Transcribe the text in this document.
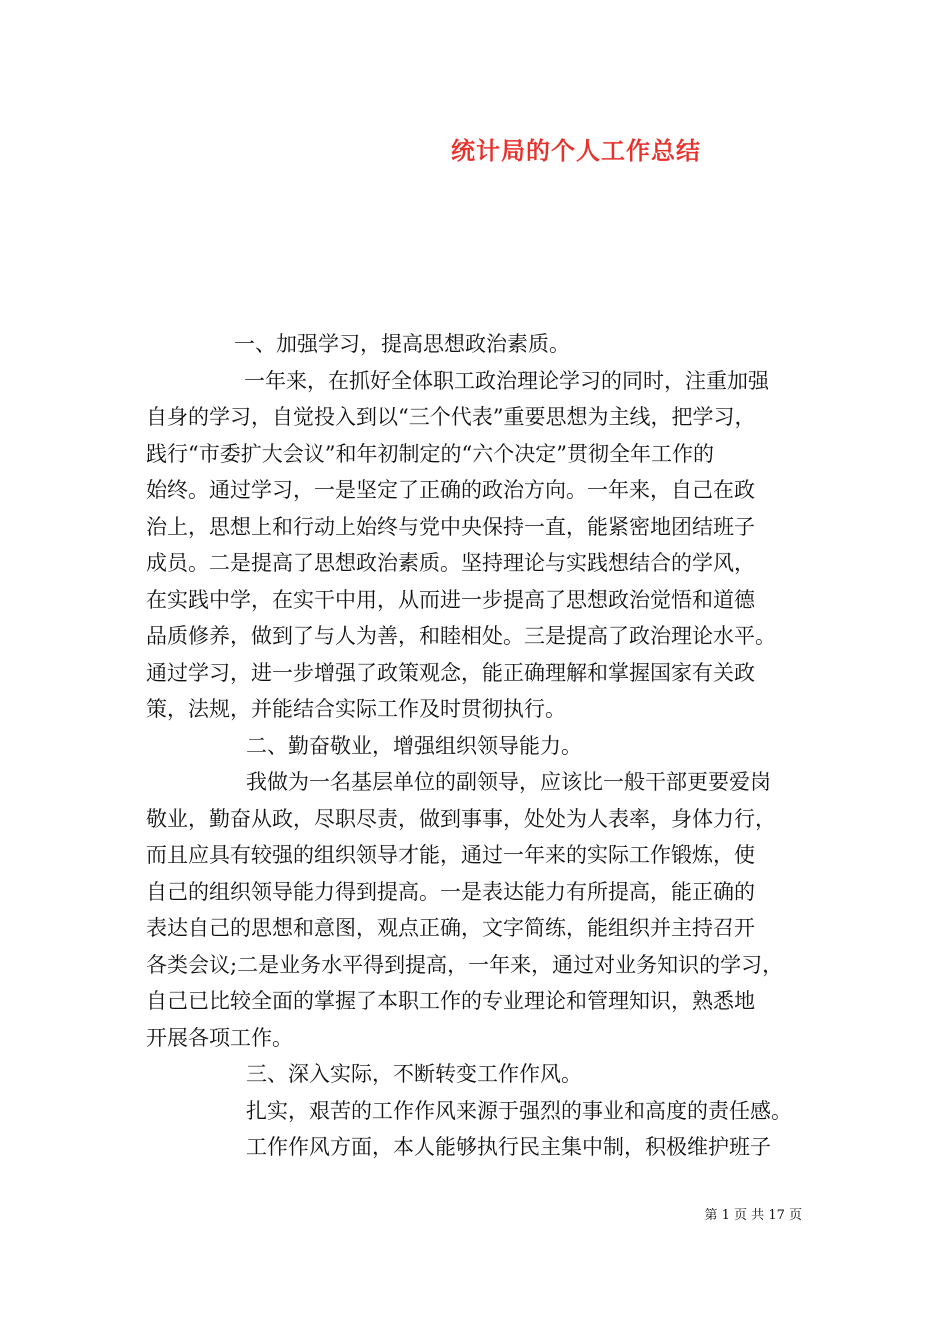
统计局的个人工作总结
一、加强学习，提高思想政治素质。
一年来，在抓好全体职工政治理论学习的同时，注重加强
自身的学习，自觉投入到以“三个代表”重要思想为主线，把学习，
践行“市委扩大会议”和年初制定的“六个决定”贯彻全年工作的
始终。通过学习，一是坚定了正确的政治方向。一年来，自己在政
治上，思想上和行动上始终与党中央保持一直，能紧密地团结班子
成员。二是提高了思想政治素质。坚持理论与实践想结合的学风，
在实践中学，在实干中用，从而进一步提高了思想政治觉悟和道德
品质修养，做到了与人为善，和睦相处。三是提高了政治理论水平。
通过学习，进一步增强了政策观念，能正确理解和掌握国家有关政
策，法规，并能结合实际工作及时贯彻执行。
二、勤奋敬业，增强组织领导能力。
我做为一名基层单位的副领导，应该比一般干部更要爱岗
敬业，勤奋从政，尽职尽责，做到事事，处处为人表率，身体力行，
而且应具有较强的组织领导才能，通过一年来的实际工作锻炼，使
自己的组织领导能力得到提高。一是表达能力有所提高，能正确的
表达自己的思想和意图，观点正确，文字简练，能组织并主持召开
各类会议;二是业务水平得到提高，一年来，通过对业务知识的学习，
自己已比较全面的掌握了本职工作的专业理论和管理知识，熟悉地
开展各项工作。
三、深入实际，不断转变工作作风。
扎实，艰苦的工作作风来源于强烈的事业和高度的责任感。
工作作风方面，本人能够执行民主集中制，积极维护班子
第 1 页 共 17 页
